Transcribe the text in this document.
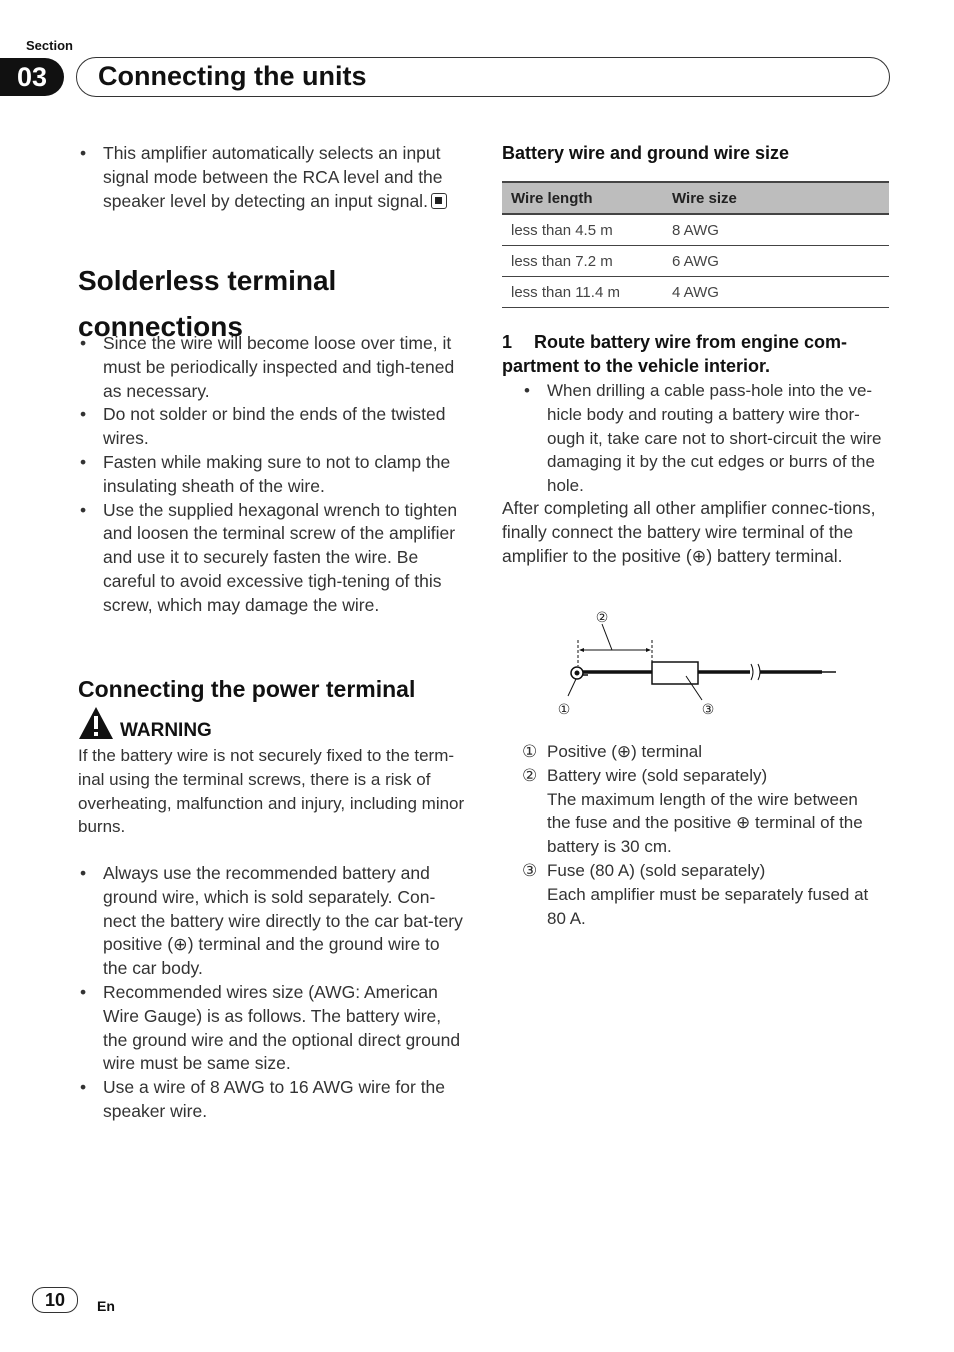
Section
03	Connecting the units
• This amplifier automatically selects an input signal mode between the RCA level and the speaker level by detecting an input signal.
Solderless terminal connections
• Since the wire will become loose over time, it must be periodically inspected and tigh-tened as necessary.
• Do not solder or bind the ends of the twisted wires.
• Fasten while making sure to not to clamp the insulating sheath of the wire.
• Use the supplied hexagonal wrench to tighten and loosen the terminal screw of the amplifier and use it to securely fasten the wire. Be careful to avoid excessive tigh-tening of this screw, which may damage the wire.
Connecting the power terminal
WARNING
If the battery wire is not securely fixed to the term-inal using the terminal screws, there is a risk of overheating, malfunction and injury, including minor burns.
• Always use the recommended battery and ground wire, which is sold separately. Con-nect the battery wire directly to the car bat-tery positive (⊕) terminal and the ground wire to the car body.
• Recommended wires size (AWG: American Wire Gauge) is as follows. The battery wire, the ground wire and the optional direct ground wire must be same size.
• Use a wire of 8 AWG to 16 AWG wire for the speaker wire.
Battery wire and ground wire size
Wire length	Wire size
less than 4.5 m	8 AWG
less than 7.2 m	6 AWG
less than 11.4 m	4 AWG
1	Route battery wire from engine com-partment to the vehicle interior.
• When drilling a cable pass-hole into the ve-hicle body and routing a battery wire thor-ough it, take care not to short-circuit the wire damaging it by the cut edges or burrs of the hole.
After completing all other amplifier connec-tions, finally connect the battery wire terminal of the amplifier to the positive (⊕) battery terminal.
②
①	③
① Positive (⊕) terminal
② Battery wire (sold separately)
The maximum length of the wire between the fuse and the positive ⊕ terminal of the battery is 30 cm.
③ Fuse (80 A) (sold separately)
Each amplifier must be separately fused at 80 A.
10	En
